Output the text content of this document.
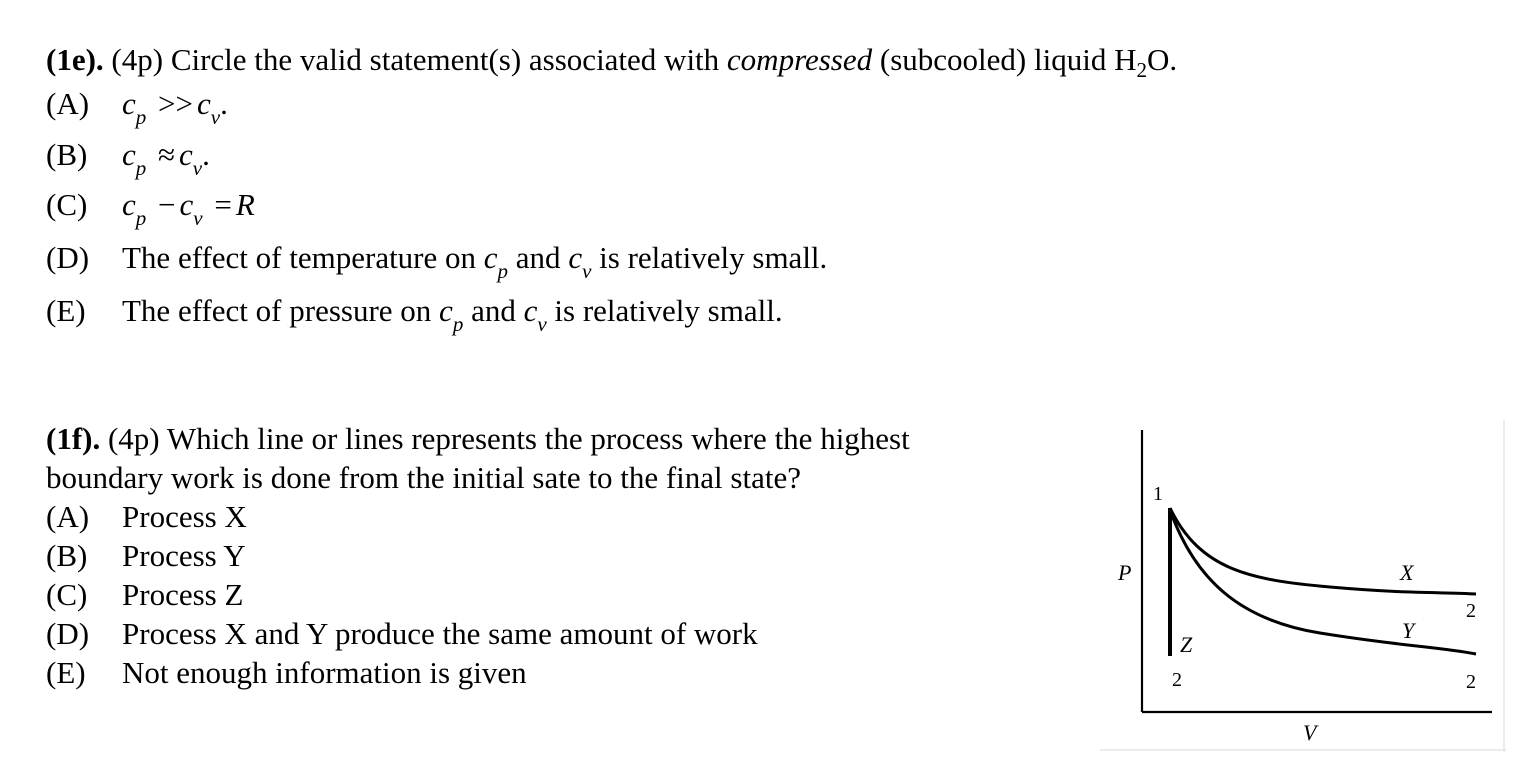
(1e). (4p) Circle the valid statement(s) associated with compressed (subcooled) liquid $H_2O$.
(A) $c_p >> c_v$.
(B) $c_p \approx c_v$.
(C) $c_p - c_v = R$
(D) The effect of temperature on $c_p$ and $c_v$ is relatively small.
(E) The effect of pressure on $c_p$ and $c_v$ is relatively small.
(1f). (4p) Which line or lines represents the process where the highest
boundary work is done from the initial sate to the final state?
(A) Process X
(B) Process Y
(C) Process Z
(D) Process X and Y produce the same amount of work
(E) Not enough information is given
P
V
1
2
2
2
X
Y
Z
